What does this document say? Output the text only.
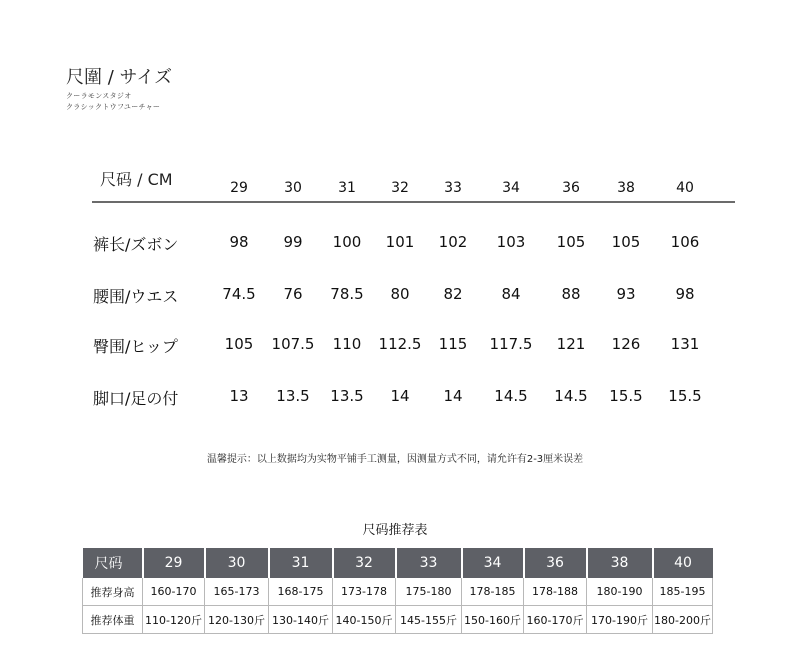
尺圍 / サイズ
クーラモンスタジオ
クラシックトウフユーチャー
尺码 / CM	29	30	31	32	33	34	36	38	40
裤长/ズボン	98 99 100 101 102 103 105 105 106
腰围/ウエス	74.5 76 78.5 80 82	84	88 93	98
臀围/ヒップ	105 107.5 110 112.5 115 117.5 121 126 131
脚口/足の付	13 13.5 13.5 14 14 14.5 14.5 15.5 15.5
温馨提示：以上数据均为实物平铺手工测量，因测量方式不同，请允许有2-3厘米误差
尺码推荐表
尺码	29	30	31	32	33	34	36	38	40
推荐身高	160-170	165-173	168-175	173-178	175-180	178-185	178-188	180-190	185-195
推荐体重	110-120斤	120-130斤	130-140斤	140-150斤	145-155斤	150-160斤	160-170斤	170-190斤	180-200斤
